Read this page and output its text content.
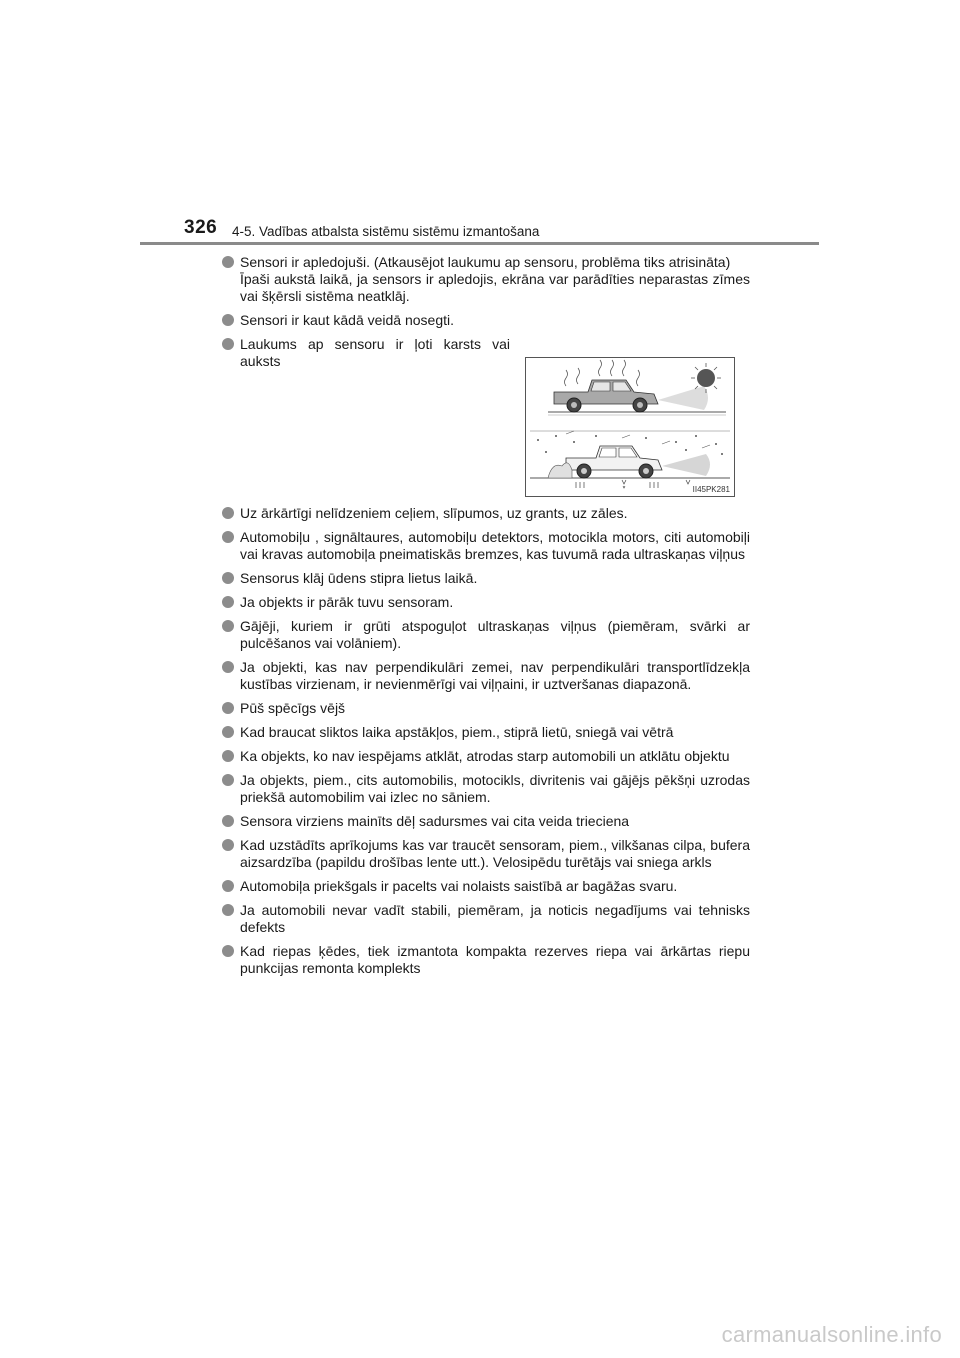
326 4-5. Vadības atbalsta sistēmu sistēmu izmantošana
Sensori ir apledojuši. (Atkausējot laukumu ap sensoru, problēma tiks atrisināta)
Īpaši aukstā laikā, ja sensors ir apledojis, ekrāna var parādīties neparastas zīmes vai šķērsli sistēma neatklāj.
Sensori ir kaut kādā veidā nosegti.
Laukums ap sensoru ir ļoti karsts vai auksts
Uz ārkārtīgi nelīdzeniem ceļiem, slīpumos, uz grants, uz zāles.
Automobiļu , signāltaures, automobiļu detektors, motocikla motors, citi automobiļi vai kravas automobiļa pneimatiskās bremzes, kas tuvumā rada ultraskaņas viļņus
Sensorus klāj ūdens stipra lietus laikā.
Ja objekts ir pārāk tuvu sensoram.
Gājēji, kuriem ir grūti atspoguļot ultraskaņas viļņus (piemēram, svārki ar pulcēšanos vai volāniem).
Ja objekti, kas nav perpendikulāri zemei, nav perpendikulāri transportlīdzekļa kustības virzienam, ir nevienmērīgi vai viļņaini, ir uztveršanas diapazonā.
Pūš spēcīgs vējš
Kad braucat sliktos laika apstākļos, piem., stiprā lietū, sniegā vai vētrā
Ka objekts, ko nav iespējams atklāt, atrodas starp automobili un atklātu objektu
Ja objekts, piem., cits automobilis, motocikls, divritenis vai gājējs pēkšņi uzrodas priekšā automobilim vai izlec no sāniem.
Sensora virziens mainīts dēļ sadursmes vai cita veida trieciena
Kad uzstādīts aprīkojums kas var traucēt sensoram, piem., vilkšanas cilpa, bufera aizsardzība (papildu drošības lente utt.). Velosipēdu turētājs vai sniega arkls
Automobiļa priekšgals ir pacelts vai nolaists saistībā ar bagāžas svaru.
Ja automobili nevar vadīt stabili, piemēram, ja noticis negadījums vai tehnisks defekts
Kad riepas ķēdes, tiek izmantota kompakta rezerves riepa vai ārkārtas riepu punkcijas remonta komplekts
II45PK281
carmanualsonline.info
